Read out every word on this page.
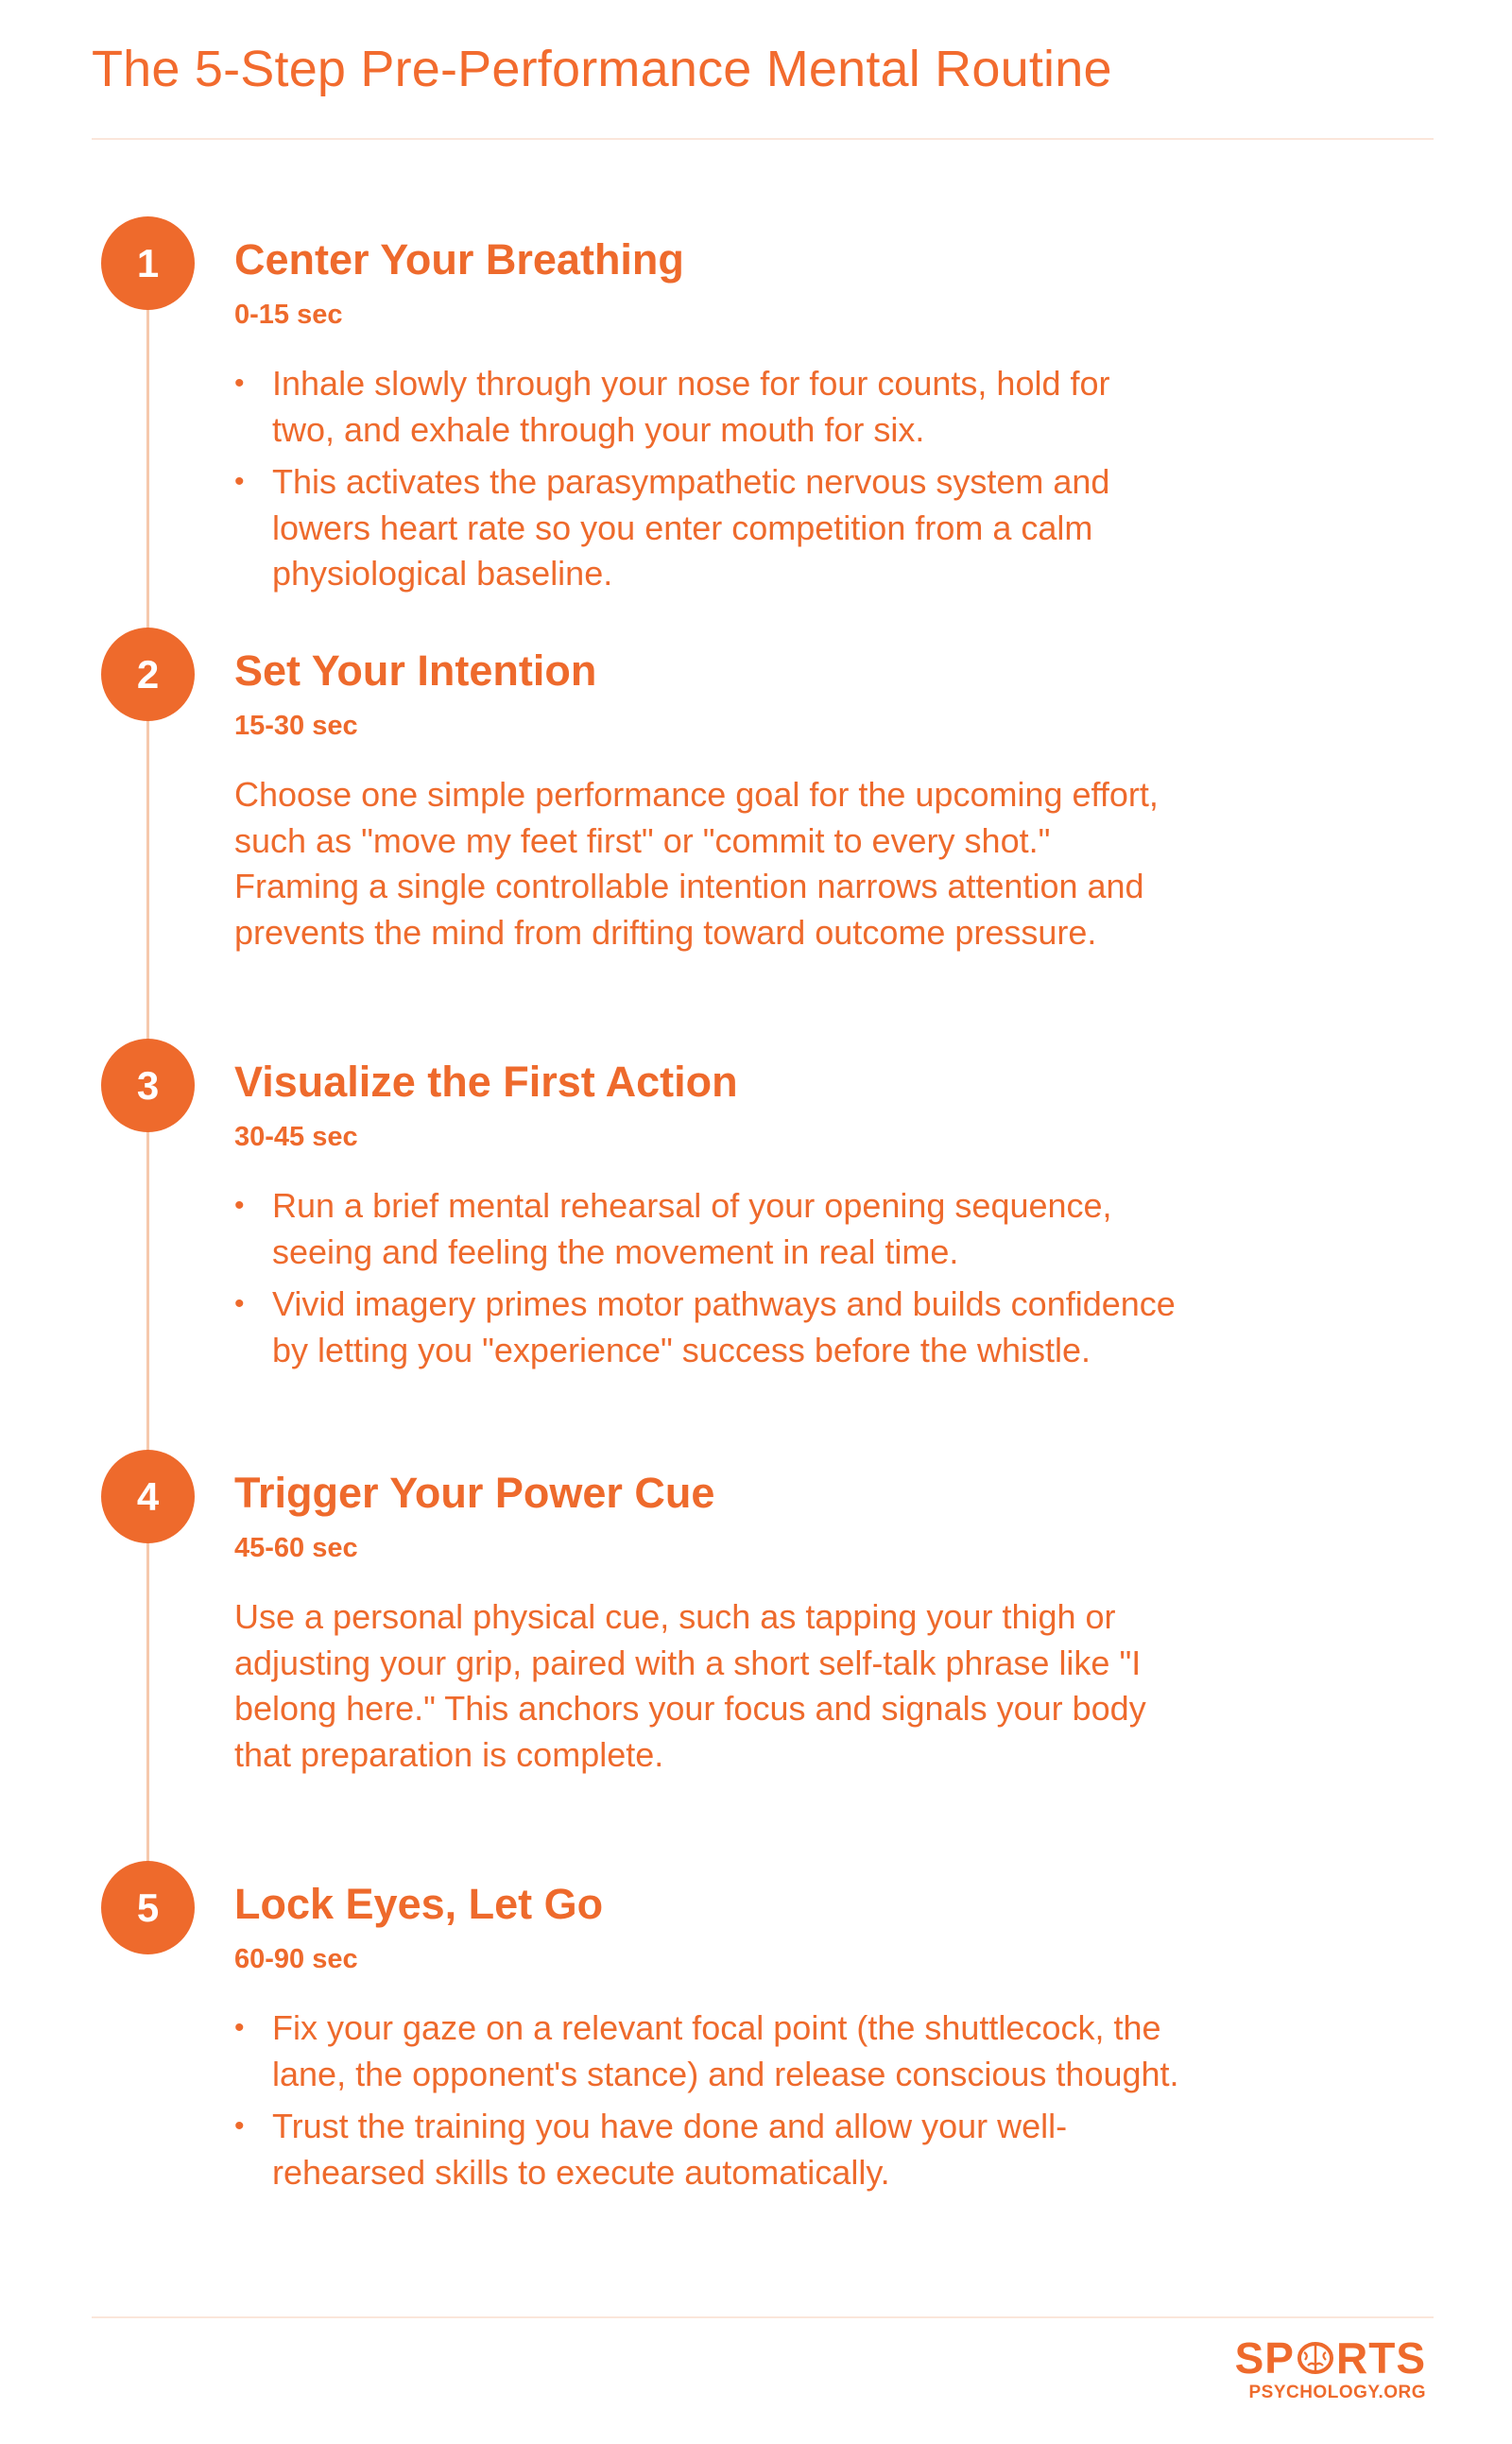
The 5-Step Pre-Performance Mental Routine
1	Center Your Breathing
0-15 sec
• Inhale slowly through your nose for four counts, hold for two, and exhale through your mouth for six.
• This activates the parasympathetic nervous system and lowers heart rate so you enter competition from a calm physiological baseline.
2	Set Your Intention
15-30 sec

Choose one simple performance goal for the upcoming effort, such as "move my feet first" or "commit to every shot." Framing a single controllable intention narrows attention and prevents the mind from drifting toward outcome pressure.

3	Visualize the First Action
30-45 sec
• Run a brief mental rehearsal of your opening sequence, seeing and feeling the movement in real time.
• Vivid imagery primes motor pathways and builds confidence by letting you "experience" success before the whistle.
4	Trigger Your Power Cue
45-60 sec

Use a personal physical cue, such as tapping your thigh or adjusting your grip, paired with a short self-talk phrase like "I belong here." This anchors your focus and signals your body that preparation is complete.

5	Lock Eyes, Let Go
60-90 sec
• Fix your gaze on a relevant focal point (the shuttlecock, the lane, the opponent's stance) and release conscious thought.
• Trust the training you have done and allow your well-rehearsed skills to execute automatically.
SP RTS
PSYCHOLOGY.ORG
